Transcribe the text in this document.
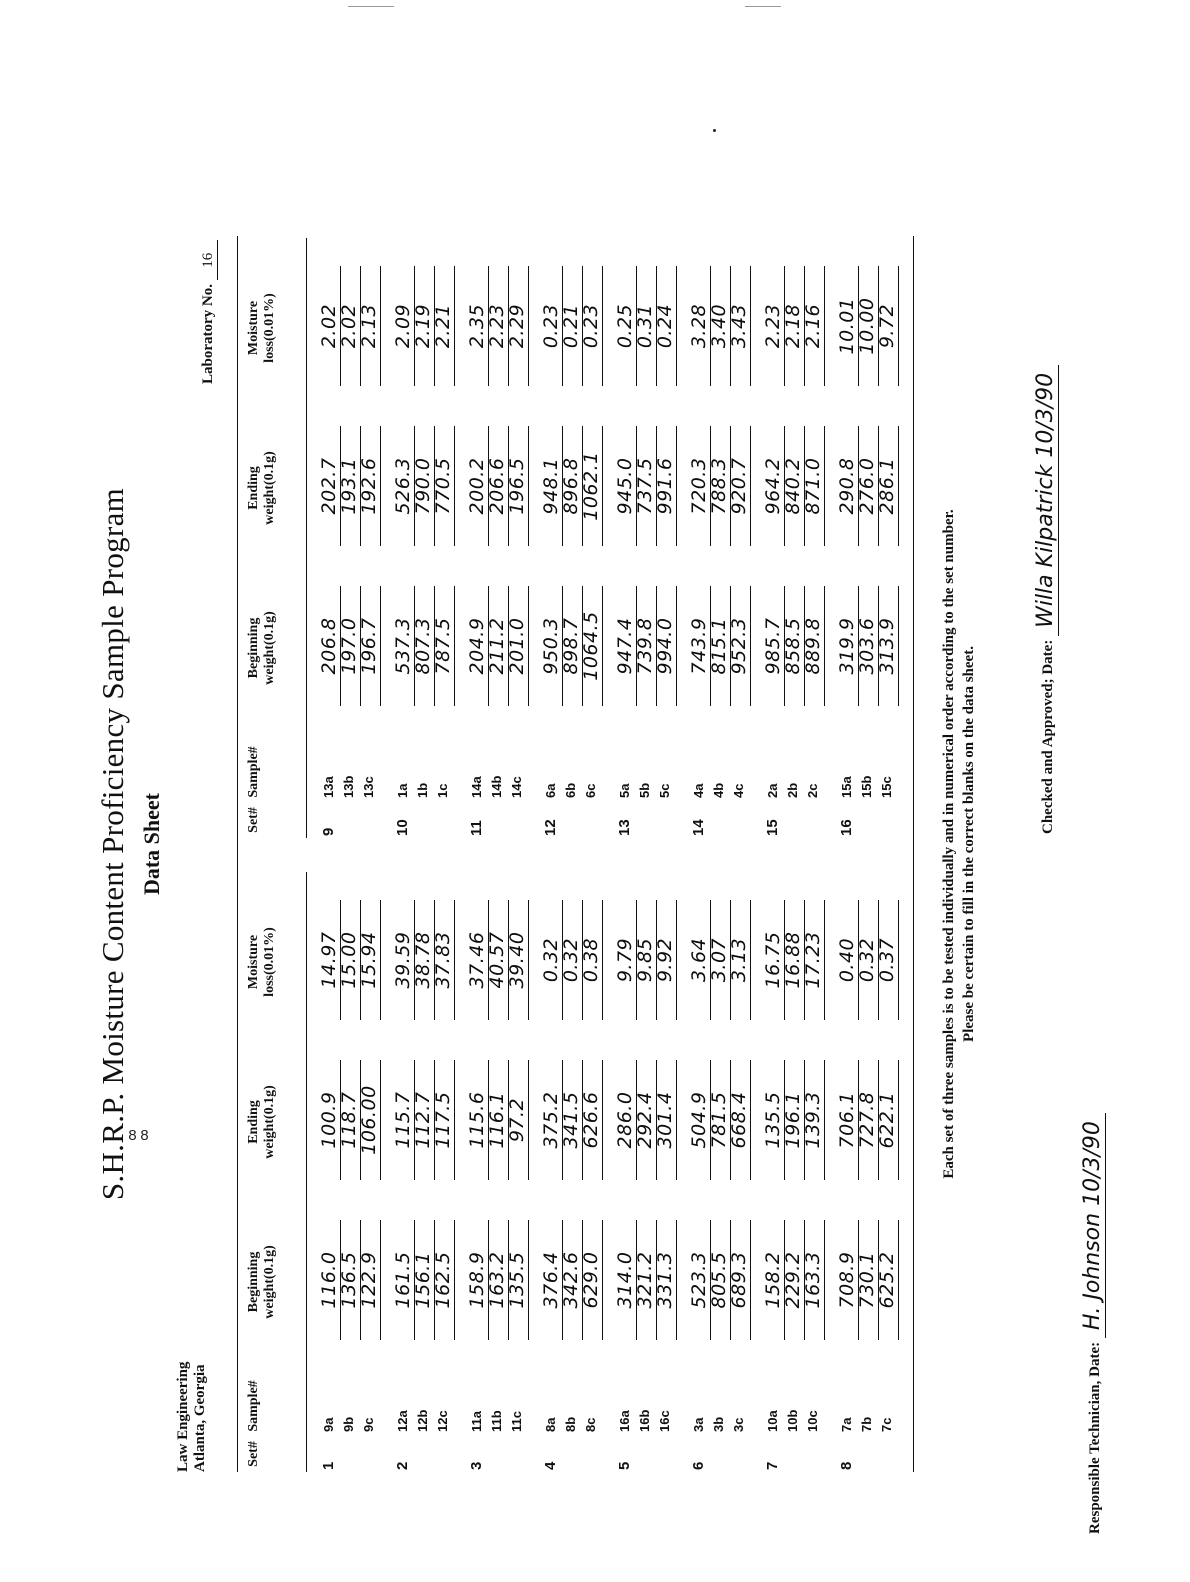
88
S.H.R.P. Moisture Content Proficiency Sample Program Data Sheet
Law Engineering Atlanta, Georgia
Laboratory No. 16
Set#
Sample#
Beginning weight(0.1g)
Ending weight(0.1g)
Moisture loss(0.01%)
1
9a
116.0
100.9
14.97
9b
136.5
118.7
15.00
9c
122.9
106.00
15.94
2
12a
161.5
115.7
39.59
12b
156.1
112.7
38.78
12c
162.5
117.5
37.83
3
11a
158.9
115.6
37.46
11b
163.2
116.1
40.57
11c
135.5
97.2
39.40
4
8a
376.4
375.2
0.32
8b
342.6
341.5
0.32
8c
629.0
626.6
0.38
5
16a
314.0
286.0
9.79
16b
321.2
292.4
9.85
16c
331.3
301.4
9.92
6
3a
523.3
504.9
3.64
3b
805.5
781.5
3.07
3c
689.3
668.4
3.13
7
10a
158.2
135.5
16.75
10b
229.2
196.1
16.88
10c
163.3
139.3
17.23
8
7a
708.9
706.1
0.40
7b
730.1
727.8
0.32
7c
625.2
622.1
0.37
Set#
Sample#
Beginning weight(0.1g)
Ending weight(0.1g)
Moisture loss(0.01%)
9
13a
206.8
202.7
2.02
13b
197.0
193.1
2.02
13c
196.7
192.6
2.13
10
1a
537.3
526.3
2.09
1b
807.3
790.0
2.19
1c
787.5
770.5
2.21
11
14a
204.9
200.2
2.35
14b
211.2
206.6
2.23
14c
201.0
196.5
2.29
12
6a
950.3
948.1
0.23
6b
898.7
896.8
0.21
6c
1064.5
1062.1
0.23
13
5a
947.4
945.0
0.25
5b
739.8
737.5
0.31
5c
994.0
991.6
0.24
14
4a
743.9
720.3
3.28
4b
815.1
788.3
3.40
4c
952.3
920.7
3.43
15
2a
985.7
964.2
2.23
2b
858.5
840.2
2.18
2c
889.8
871.0
2.16
16
15a
319.9
290.8
10.01
15b
303.6
276.0
10.00
15c
313.9
286.1
9.72
Each set of three samples is to be tested individually and in numerical order according to the set number. Please be certain to fill in the correct blanks on the data sheet.
Responsible Technician, Date: H. Johnson 10/3/90
Checked and Approved; Date: Willa Kilpatrick 10/3/90
